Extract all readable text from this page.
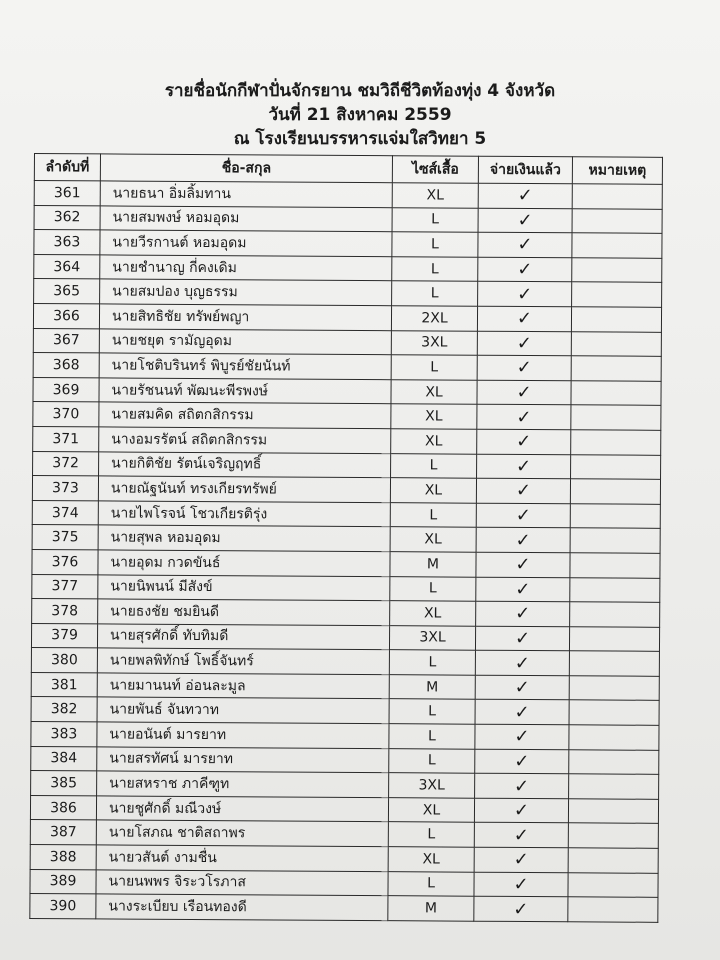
รายชื่อนักกีฬาปั่นจักรยาน ชมวิถีชีวิตท้องทุ่ง 4 จังหวัด
วันที่ 21 สิงหาคม 2559
ณ โรงเรียนบรรหารแจ่มใสวิทยา 5
ลำดับที่	ชื่อ-สกุล	ไซส์เสื้อ	จ่ายเงินแล้ว	หมายเหตุ
361	นายธนา อิ่มลิ้มทาน	XL	✓	
362	นายสมพงษ์ หอมอุดม	L	✓	
363	นายวีรกานต์ หอมอุดม	L	✓	
364	นายชำนาญ กี่คงเดิม	L	✓	
365	นายสมปอง บุญธรรม	L	✓	
366	นายสิทธิชัย ทรัพย์พญา	2XL	✓	
367	นายชยุต รามัญอุดม	3XL	✓	
368	นายโชติบรินทร์ พิบูรย์ชัยนันท์	L	✓	
369	นายรัชนนท์ พัฒนะพีรพงษ์	XL	✓	
370	นายสมคิด สถิตกสิกรรม	XL	✓	
371	นางอมรรัตน์ สถิตกสิกรรม	XL	✓	
372	นายกิติชัย รัตน์เจริญฤทธิ์	L	✓	
373	นายณัฐนันท์ ทรงเกียรทรัพย์	XL	✓	
374	นายไพโรจน์ โชวเกียรติรุ่ง	L	✓	
375	นายสุพล หอมอุดม	XL	✓	
376	นายอุดม กวดขันธ์	M	✓	
377	นายนิพนน์ มีสังข์	L	✓	
378	นายธงชัย ชมยินดี	XL	✓	
379	นายสุรศักดิ์ ทับทิมดี	3XL	✓	
380	นายพลพิทักษ์ โพธิ์จันทร์	L	✓	
381	นายมานนท์ อ่อนละมูล	M	✓	
382	นายพันธ์ จันทวาท	L	✓	
383	นายอนันต์ มารยาท	L	✓	
384	นายสรทัศน์ มารยาท	L	✓	
385	นายสหราช ภาคีฑูท	3XL	✓	
386	นายชูศักดิ์ มณีวงษ์	XL	✓	
387	นายโสภณ ชาติสถาพร	L	✓	
388	นายวสันต์ งามชื่น	XL	✓	
389	นายนพพร จิระวโรภาส	L	✓	
390	นางระเบียบ เรือนทองดี	M	✓	
